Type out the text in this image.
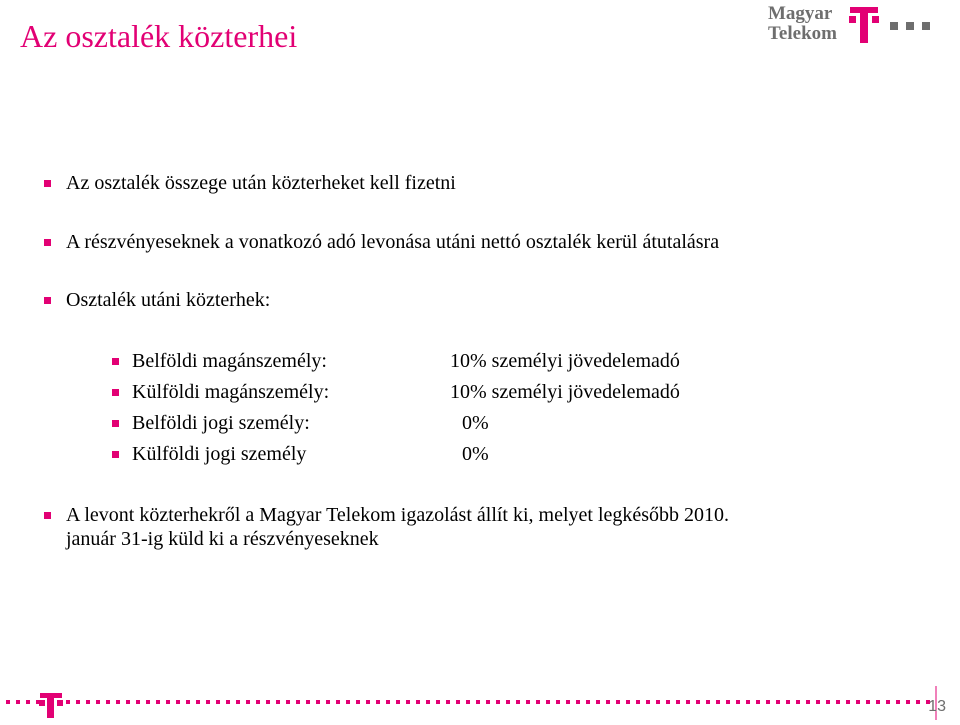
Az osztalék közterhei
Magyar
Telekom
Az osztalék összege után közterheket kell fizetni
A részvényeseknek a vonatkozó adó levonása utáni nettó osztalék kerül átutalásra
Osztalék utáni közterhek:
Belföldi magánszemély:	10% személyi jövedelemadó
Külföldi magánszemély:	10% személyi jövedelemadó
Belföldi jogi személy:	0%
Külföldi jogi személy	0%
A levont közterhekről a Magyar Telekom igazolást állít ki, melyet legkésőbb 2010.
január 31-ig küld ki a részvényeseknek
13
